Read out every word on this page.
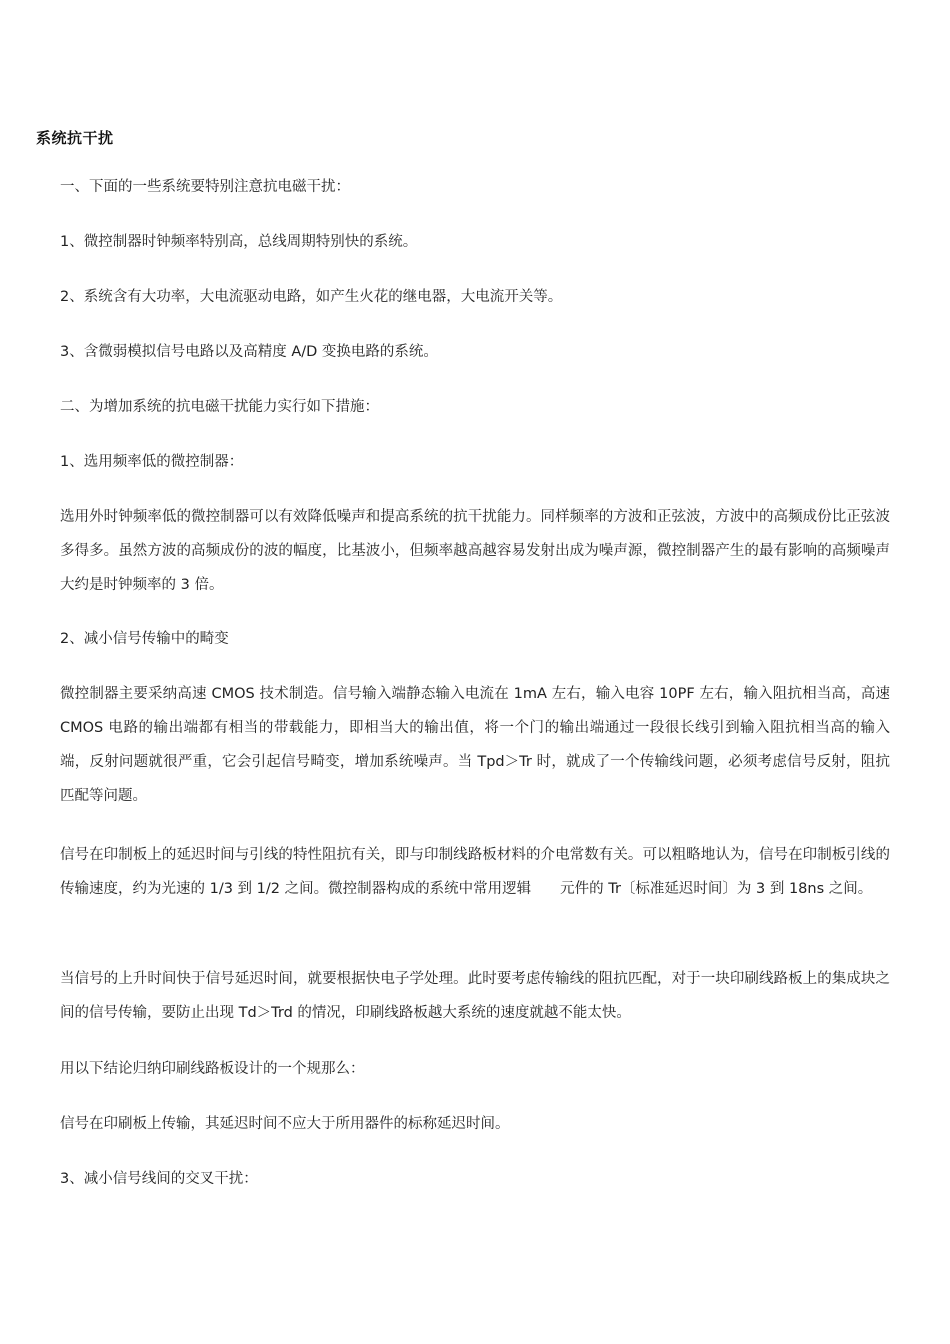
系统抗干扰
一、下面的一些系统要特别注意抗电磁干扰：
1、微控制器时钟频率特别高，总线周期特别快的系统。
2、系统含有大功率，大电流驱动电路，如产生火花的继电器，大电流开关等。
3、含微弱模拟信号电路以及高精度 A/D 变换电路的系统。
二、为增加系统的抗电磁干扰能力实行如下措施：
1、选用频率低的微控制器：
选用外时钟频率低的微控制器可以有效降低噪声和提高系统的抗干扰能力。同样频率的方波和正弦波，方波中的高频成份比正弦波多得多。虽然方波的高频成份的波的幅度，比基波小，但频率越高越容易发射出成为噪声源，微控制器产生的最有影响的高频噪声大约是时钟频率的 3 倍。
2、减小信号传输中的畸变
微控制器主要采纳高速 CMOS 技术制造。信号输入端静态输入电流在 1mA 左右，输入电容 10PF 左右，输入阻抗相当高，高速 CMOS 电路的输出端都有相当的带载能力，即相当大的输出值，将一个门的输出端通过一段很长线引到输入阻抗相当高的输入端，反射问题就很严重，它会引起信号畸变，增加系统噪声。当 Tpd＞Tr 时，就成了一个传输线问题，必须考虑信号反射，阻抗匹配等问题。
信号在印制板上的延迟时间与引线的特性阻抗有关，即与印制线路板材料的介电常数有关。可以粗略地认为，信号在印制板引线的传输速度，约为光速的 1/3 到 1/2 之间。微控制器构成的系统中常用逻辑　　元件的 Tr〔标准延迟时间〕为 3 到 18ns 之间。
当信号的上升时间快于信号延迟时间，就要根据快电子学处理。此时要考虑传输线的阻抗匹配，对于一块印刷线路板上的集成块之间的信号传输，要防止出现 Td＞Trd 的情况，印刷线路板越大系统的速度就越不能太快。
用以下结论归纳印刷线路板设计的一个规那么：
信号在印刷板上传输，其延迟时间不应大于所用器件的标称延迟时间。
3、减小信号线间的交叉干扰：
